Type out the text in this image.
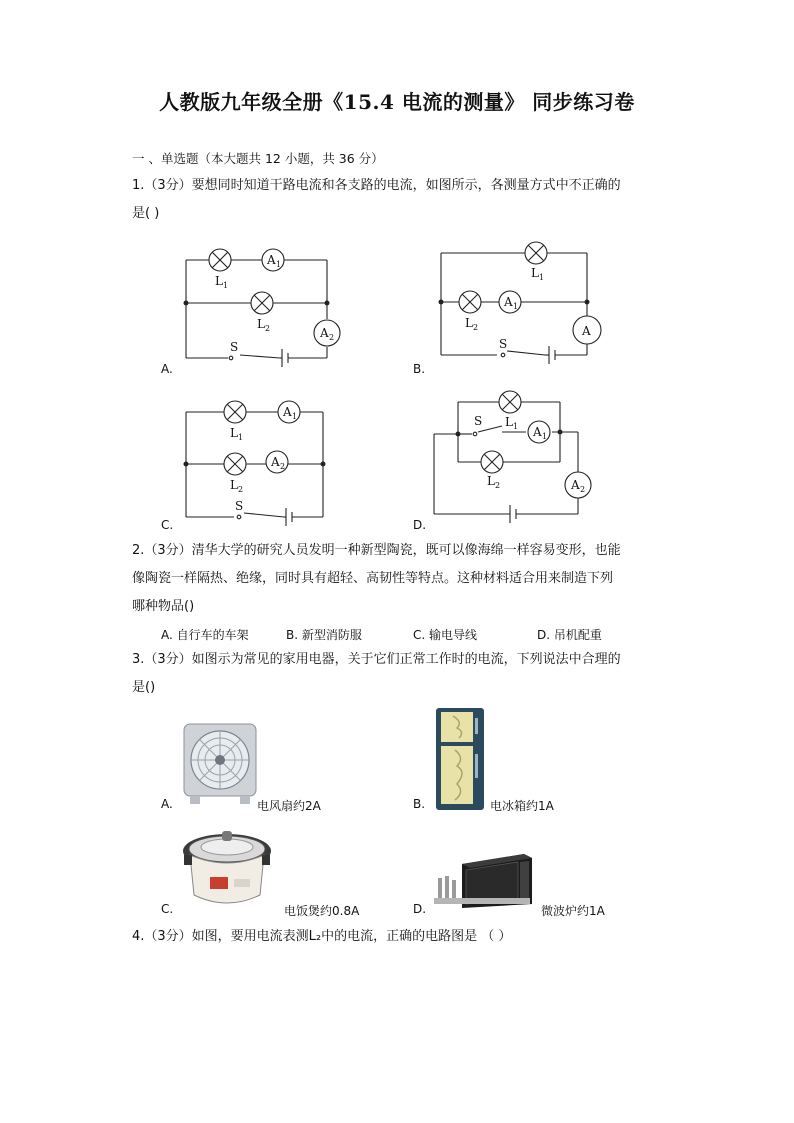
人教版九年级全册《15.4 电流的测量》 同步练习卷
一 、单选题（本大题共 12 小题，共 36 分）
1.（3分）要想同时知道干路电流和各支路的电流，如图所示，各测量方式中不正确的
是( )
A 1
L 1
L 2	A 2
S
A.
L 1
A 1
L 2	A
S
B.
A 1
L 1
A 2
L 2
S
C.
S L 1 A 1
L 2	A 2
D.
2.（3分）清华大学的研究人员发明一种新型陶瓷，既可以像海绵一样容易变形，也能
像陶瓷一样隔热、绝缘，同时具有超轻、高韧性等特点。这种材料适合用来制造下列
哪种物品()
A. 自行车的车架	B. 新型消防服	C. 输电导线	D. 吊机配重
3.（3分）如图示为常见的家用电器，关于它们正常工作时的电流，下列说法中合理的
是()
A.	电风扇约2A	B.	电冰箱约1A
C.	电饭煲约0.8A	D.	微波炉约1A
4.（3分）如图，要用电流表测L₂中的电流，正确的电路图是 （ ）
